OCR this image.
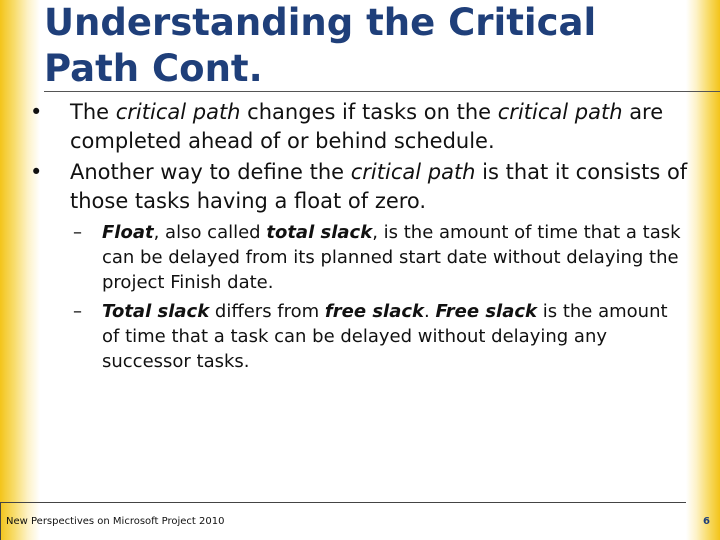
Understanding the Critical Path Cont.
• The critical path changes if tasks on the critical path are completed ahead of or behind schedule.
• Another way to define the critical path is that it consists of those tasks having a float of zero.
– Float, also called total slack, is the amount of time that a task can be delayed from its planned start date without delaying the project Finish date.
– Total slack differs from free slack. Free slack is the amount of time that a task can be delayed without delaying any successor tasks.
New Perspectives on Microsoft Project 2010	6
